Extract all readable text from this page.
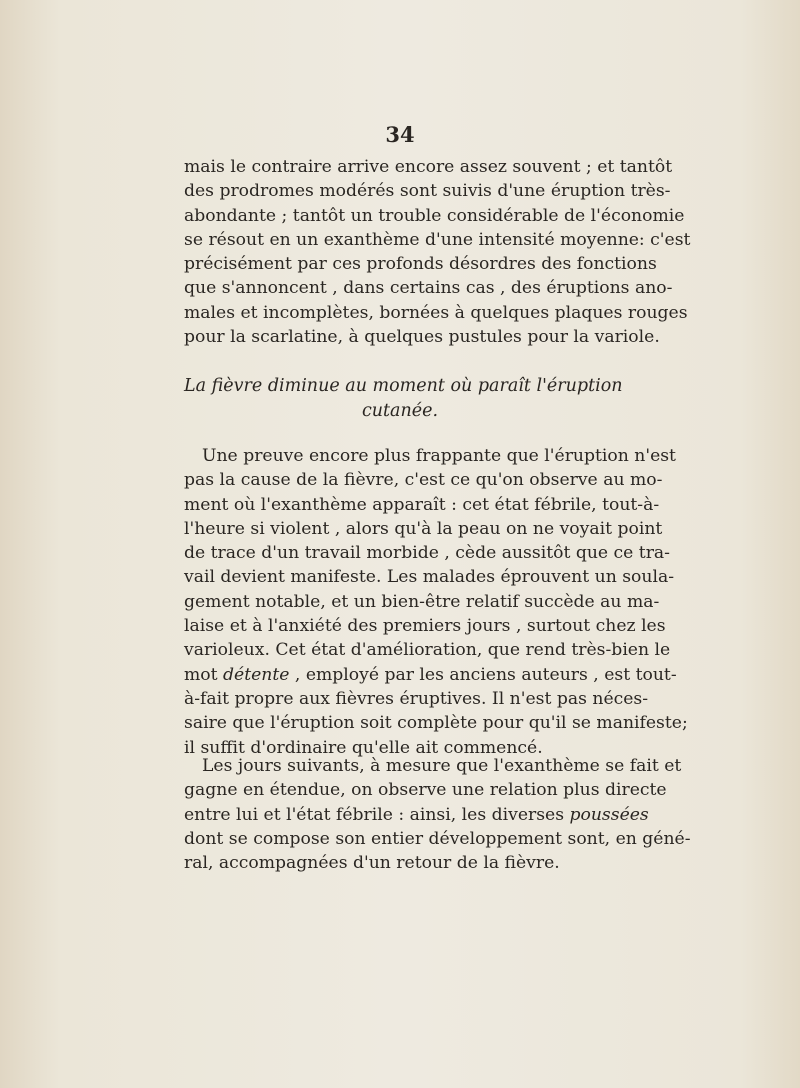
34
mais le contraire arrive encore assez souvent ; et tantôt
des prodromes modérés sont suivis d'une éruption très-
abondante ; tantôt un trouble considérable de l'économie
se résout en un exanthème d'une intensité moyenne: c'est
précisément par ces profonds désordres des fonctions
que s'annoncent , dans certains cas , des éruptions ano-
males et incomplètes, bornées à quelques plaques rouges
pour la scarlatine, à quelques pustules pour la variole.
La fièvre diminue au moment où paraît l'éruption
cutanée.
Une preuve encore plus frappante que l'éruption n'est
pas la cause de la fièvre, c'est ce qu'on observe au mo-
ment où l'exanthème apparaît : cet état fébrile, tout-à-
l'heure si violent , alors qu'à la peau on ne voyait point
de trace d'un travail morbide , cède aussitôt que ce tra-
vail devient manifeste. Les malades éprouvent un soula-
gement notable, et un bien-être relatif succède au ma-
laise et à l'anxiété des premiers jours , surtout chez les
varioleux. Cet état d'amélioration, que rend très-bien le
mot détente , employé par les anciens auteurs , est tout-
à-fait propre aux fièvres éruptives. Il n'est pas néces-
saire que l'éruption soit complète pour qu'il se manifeste;
il suffit d'ordinaire qu'elle ait commencé.
Les jours suivants, à mesure que l'exanthème se fait et
gagne en étendue, on observe une relation plus directe
entre lui et l'état fébrile : ainsi, les diverses poussées
dont se compose son entier développement sont, en géné-
ral, accompagnées d'un retour de la fièvre.
